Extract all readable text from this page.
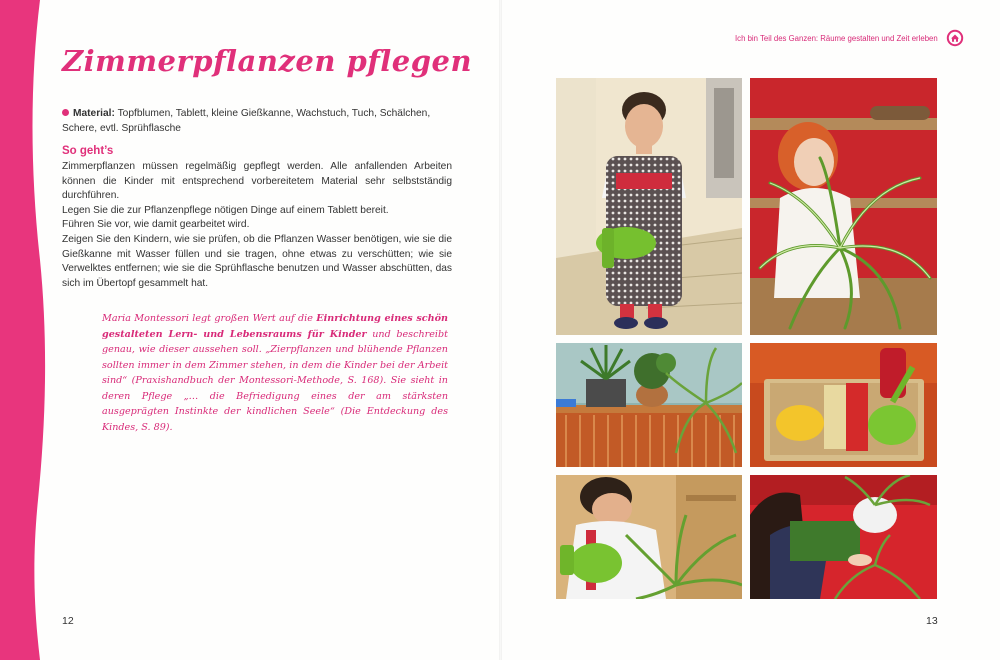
Zimmerpflanzen pflegen
Material: Topfblumen, Tablett, kleine Gießkanne, Wachstuch, Tuch, Schälchen, Schere, evtl. Sprühflasche
So geht’s

Zimmerpflanzen müssen regelmäßig gepflegt werden. Alle anfallenden Arbeiten können die Kinder mit entsprechend vorbereitetem Material sehr selbstständig durchführen.

Legen Sie die zur Pflanzenpflege nötigen Dinge auf einem Tablett bereit.

Führen Sie vor, wie damit gearbeitet wird.

Zeigen Sie den Kindern, wie sie prüfen, ob die Pflanzen Wasser benötigen, wie sie die Gießkanne mit Wasser füllen und sie tragen, ohne etwas zu verschütten; wie sie Verwelktes entfernen; wie sie die Sprühflasche benutzen und Wasser abschütten, das sich im Übertopf gesammelt hat.

Maria Montessori legt großen Wert auf die Einrichtung eines schön gestalteten Lern- und Lebensraums für Kinder und beschreibt genau, wie dieser aussehen soll. „Zierpflanzen und blühende Pflanzen sollten immer in dem Zimmer stehen, in dem die Kinder bei der Arbeit sind“ (Praxishandbuch der Montessori-Methode, S. 168). Sie sieht in deren Pflege „… die Befriedigung eines der am stärksten ausgeprägten Instinkte der kindlichen Seele“ (Die Entdeckung des Kindes, S. 89).
12
Ich bin Teil des Ganzen: Räume gestalten und Zeit erleben
13
